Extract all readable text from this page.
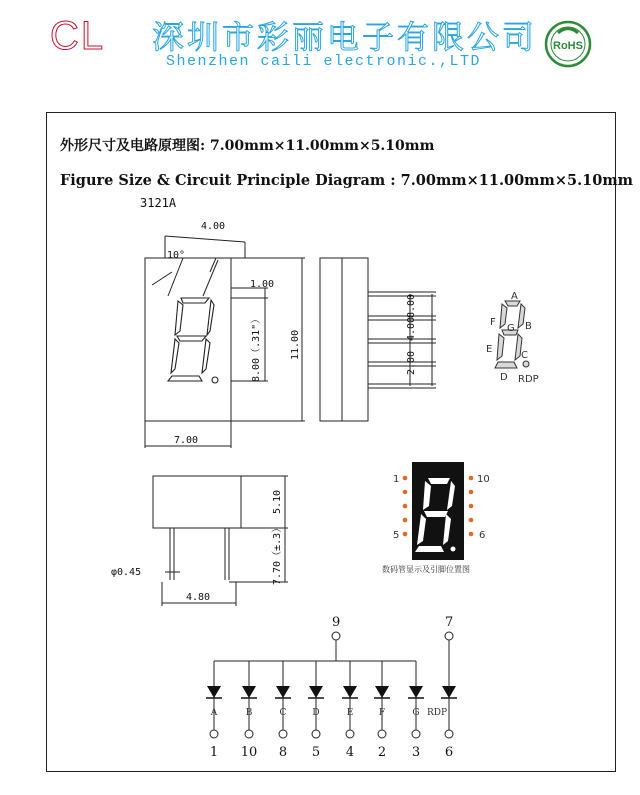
CL 深圳市彩丽电子有限公司
Shenzhen caili electronic.,LTD
RoHS
外形尺寸及电路原理图: 7.00mm×11.00mm×5.10mm
Figure Size & Circuit Principle Diagram : 7.00mm×11.00mm×5.10mm
3121A
A
B
C
D
E
F
G
RDP
1
5
10
6
数码管显示及引脚位置图
4.00
10°
1.00
8.00（.31"）	11.00
7.00
2.00
4.00
8.00
5.10
7.70（±.3）
φ0.45
4.80
A
1
B
10
C
8
D
5
E
4
F
2
G
3
RDP
6
9	7
